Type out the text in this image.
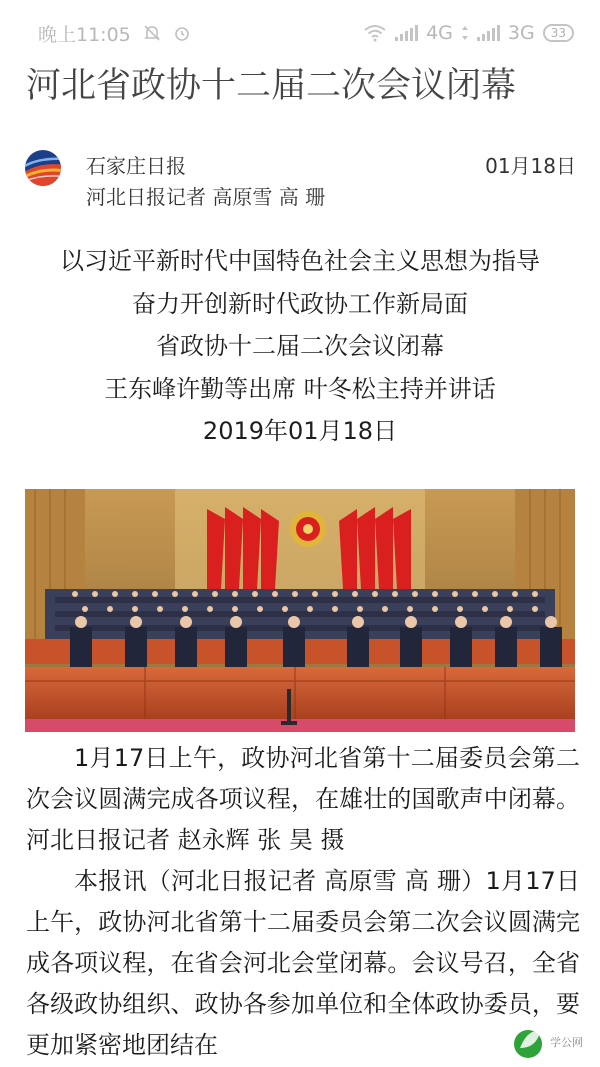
晚上11:05	4G	3G	33
河北省政协十二届二次会议闭幕
石家庄日报	01月18日
河北日报记者 高原雪 高 珊
以习近平新时代中国特色社会主义思想为指导
奋力开创新时代政协工作新局面
省政协十二届二次会议闭幕
王东峰许勤等出席 叶冬松主持并讲话
2019年01月18日

1月17日上午，政协河北省第十二届委员会第二次会议圆满完成各项议程，在雄壮的国歌声中闭幕。河北日报记者 赵永辉 张 昊 摄

本报讯（河北日报记者 高原雪 高 珊）1月17日上午，政协河北省第十二届委员会第二次会议圆满完成各项议程，在省会河北会堂闭幕。会议号召，全省各级政协组织、政协各参加单位和全体政协委员，要更加紧密地团结在	学公网
